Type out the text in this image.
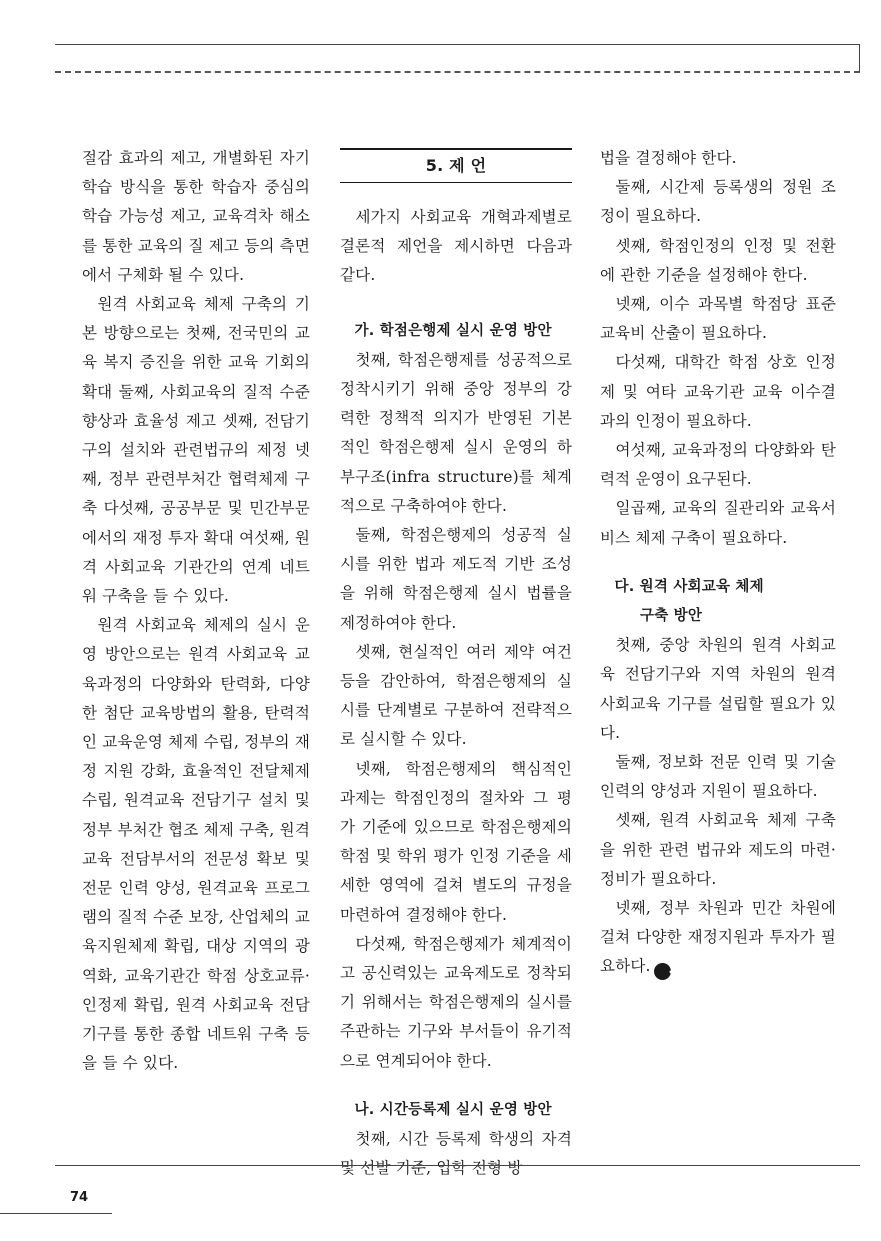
절감 효과의 제고, 개별화된 자기학습 방식을 통한 학습자 중심의 학습 가능성 제고, 교육격차 해소를 통한 교육의 질 제고 등의 측면에서 구체화 될 수 있다.

원격 사회교육 체제 구축의 기본 방향으로는 첫째, 전국민의 교육 복지 증진을 위한 교육 기회의 확대 둘째, 사회교육의 질적 수준 향상과 효율성 제고 셋째, 전담기구의 설치와 관련법규의 제정 넷째, 정부 관련부처간 협력체제 구축 다섯째, 공공부문 및 민간부문에서의 재정 투자 확대 여섯째, 원격 사회교육 기관간의 연계 네트워 구축을 들 수 있다.

원격 사회교육 체제의 실시 운영 방안으로는 원격 사회교육 교육과정의 다양화와 탄력화, 다양한 첨단 교육방법의 활용, 탄력적인 교육운영 체제 수립, 정부의 재정 지원 강화, 효율적인 전달체제 수립, 원격교육 전담기구 설치 및 정부 부처간 협조 체제 구축, 원격교육 전담부서의 전문성 확보 및 전문 인력 양성, 원격교육 프로그램의 질적 수준 보장, 산업체의 교육지원체제 확립, 대상 지역의 광역화, 교육기관간 학점 상호교류·인정제 확립, 원격 사회교육 전담기구를 통한 종합 네트워 구축 등을 들 수 있다.

5. 제 언

세가지 사회교육 개혁과제별로 결론적 제언을 제시하면 다음과 같다.

가. 학점은행제 실시 운영 방안

첫째, 학점은행제를 성공적으로 정착시키기 위해 중앙 정부의 강력한 정책적 의지가 반영된 기본적인 학점은행제 실시 운영의 하부구조(infra structure)를 체계적으로 구축하여야 한다.

둘째, 학점은행제의 성공적 실시를 위한 법과 제도적 기반 조성을 위해 학점은행제 실시 법률을 제정하여야 한다.

셋째, 현실적인 여러 제약 여건 등을 감안하여, 학점은행제의 실시를 단계별로 구분하여 전략적으로 실시할 수 있다.

넷째, 학점은행제의 핵심적인 과제는 학점인정의 절차와 그 평가 기준에 있으므로 학점은행제의 학점 및 학위 평가 인정 기준을 세세한 영역에 걸쳐 별도의 규정을 마련하여 결정해야 한다.

다섯째, 학점은행제가 체계적이고 공신력있는 교육제도로 정착되기 위해서는 학점은행제의 실시를 주관하는 기구와 부서들이 유기적으로 연계되어야 한다.

나. 시간등록제 실시 운영 방안

첫째, 시간 등록제 학생의 자격 및 선발 기준, 입학 전형 방

법을 결정해야 한다.

둘째, 시간제 등록생의 정원 조정이 필요하다.

셋째, 학점인정의 인정 및 전환에 관한 기준을 설정해야 한다.

넷째, 이수 과목별 학점당 표준교육비 산출이 필요하다.

다섯째, 대학간 학점 상호 인정제 및 여타 교육기관 교육 이수결과의 인정이 필요하다.

여섯째, 교육과정의 다양화와 탄력적 운영이 요구된다.

일곱째, 교육의 질관리와 교육서비스 체제 구축이 필요하다.

다. 원격 사회교육 체제
구축 방안

첫째, 중앙 차원의 원격 사회교육 전담기구와 지역 차원의 원격 사회교육 기구를 설립할 필요가 있다.

둘째, 정보화 전문 인력 및 기술 인력의 양성과 지원이 필요하다.

셋째, 원격 사회교육 체제 구축을 위한 관련 법규와 제도의 마련·정비가 필요하다.

넷째, 정부 차원과 민간 차원에 걸쳐 다양한 재정지원과 투자가 필요하다. ◆

74
